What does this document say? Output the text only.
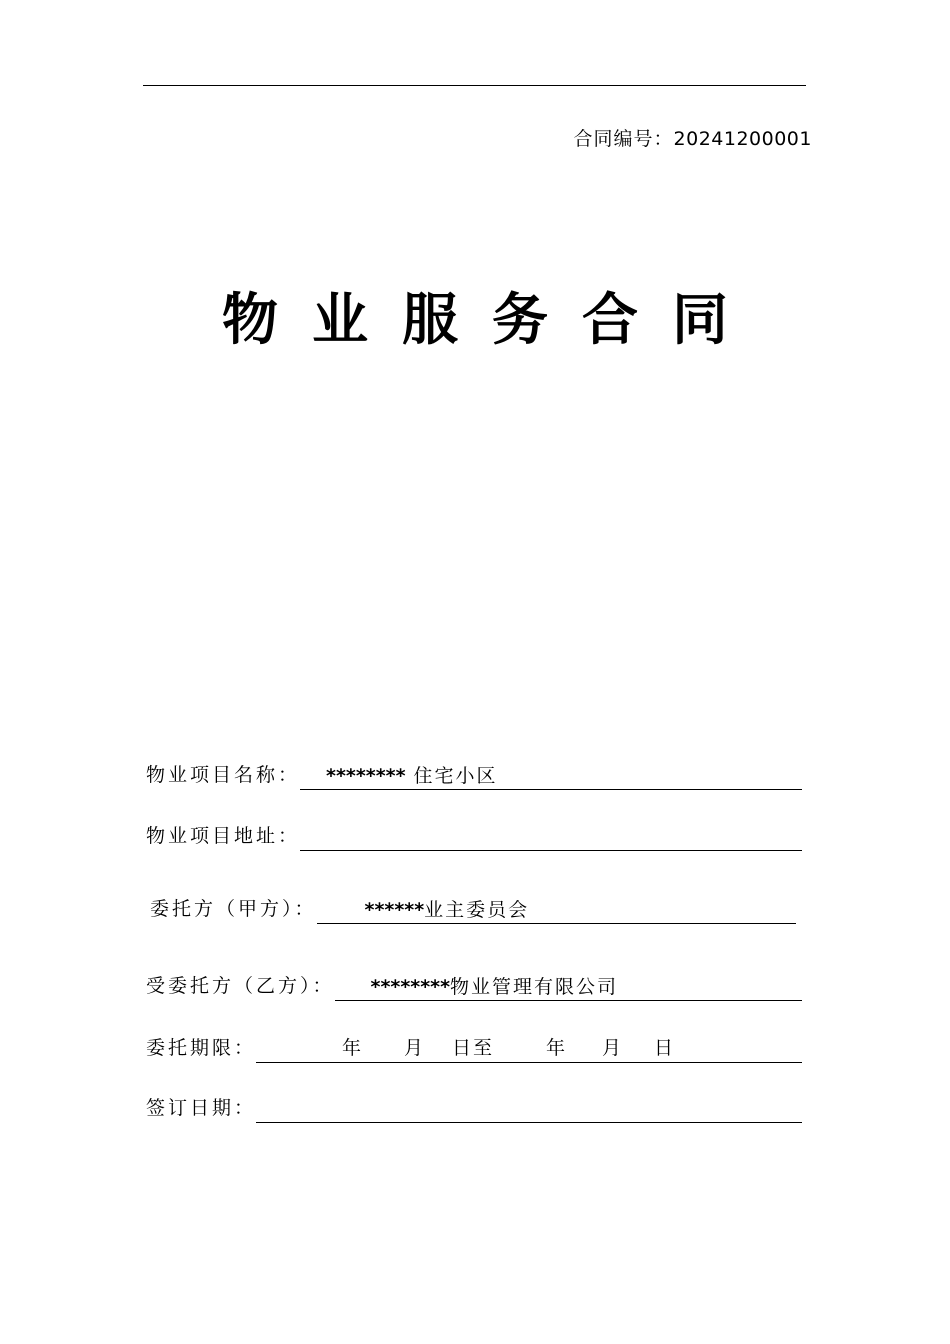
合同编号：20241200001
物业服务合同
物业项目名称：	******** 住宅小区
物业项目地址：
委托方（甲方）：	******业主委员会
受委托方（乙方）：	********物业管理有限公司
委托期限：	年	月	日至	年	月	日
签订日期：
